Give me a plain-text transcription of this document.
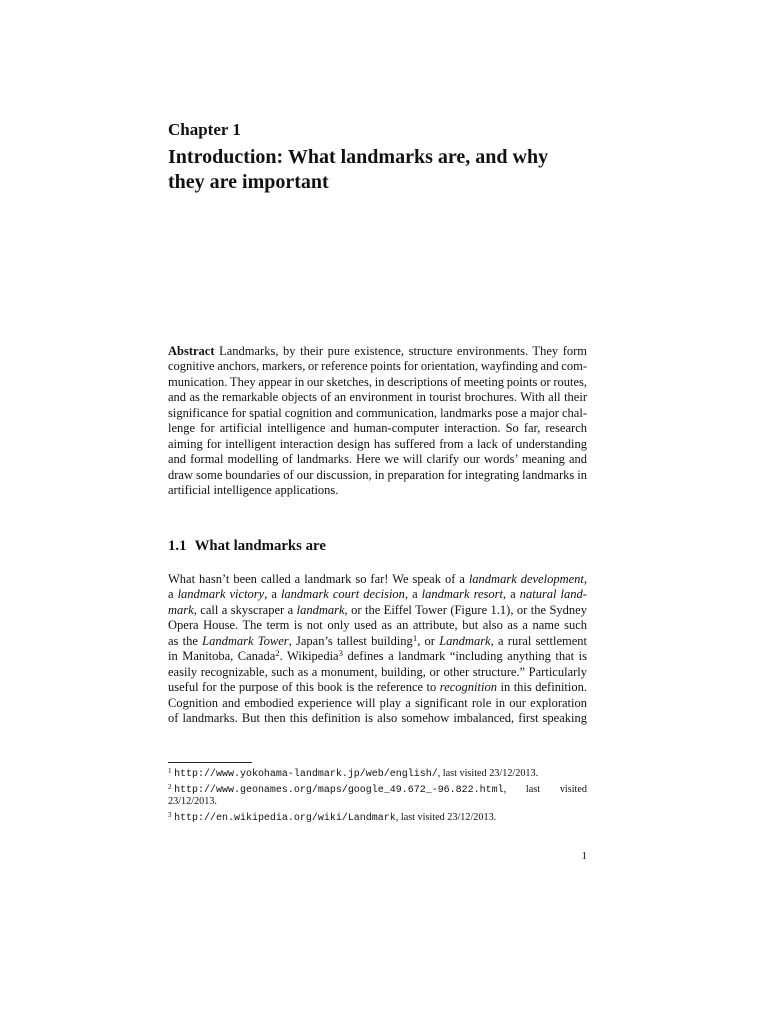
Chapter 1
Introduction: What landmarks are, and why
they are important
Abstract Landmarks, by their pure existence, structure environments. They form
cognitive anchors, markers, or reference points for orientation, wayfinding and com-
munication. They appear in our sketches, in descriptions of meeting points or routes,
and as the remarkable objects of an environment in tourist brochures. With all their
significance for spatial cognition and communication, landmarks pose a major chal-
lenge for artificial intelligence and human-computer interaction. So far, research
aiming for intelligent interaction design has suffered from a lack of understanding
and formal modelling of landmarks. Here we will clarify our words’ meaning and
draw some boundaries of our discussion, in preparation for integrating landmarks in
artificial intelligence applications.
1.1 What landmarks are
What hasn’t been called a landmark so far! We speak of a landmark development,
a landmark victory, a landmark court decision, a landmark resort, a natural land-
mark, call a skyscraper a landmark, or the Eiffel Tower (Figure 1.1), or the Sydney
Opera House. The term is not only used as an attribute, but also as a name such
as the Landmark Tower, Japan’s tallest building$^1$, or Landmark, a rural settlement
in Manitoba, Canada$^2$. Wikipedia$^3$ defines a landmark “including anything that is
easily recognizable, such as a monument, building, or other structure.” Particularly
useful for the purpose of this book is the reference to recognition in this definition.
Cognition and embodied experience will play a significant role in our exploration
of landmarks. But then this definition is also somehow imbalanced, first speaking
$^1$ http://www.yokohama-landmark.jp/web/english/, last visited 23/12/2013.
$^2$ http://www.geonames.org/maps/google_49.672_-96.822.html, last visited
23/12/2013.
$^3$ http://en.wikipedia.org/wiki/Landmark, last visited 23/12/2013.
1
